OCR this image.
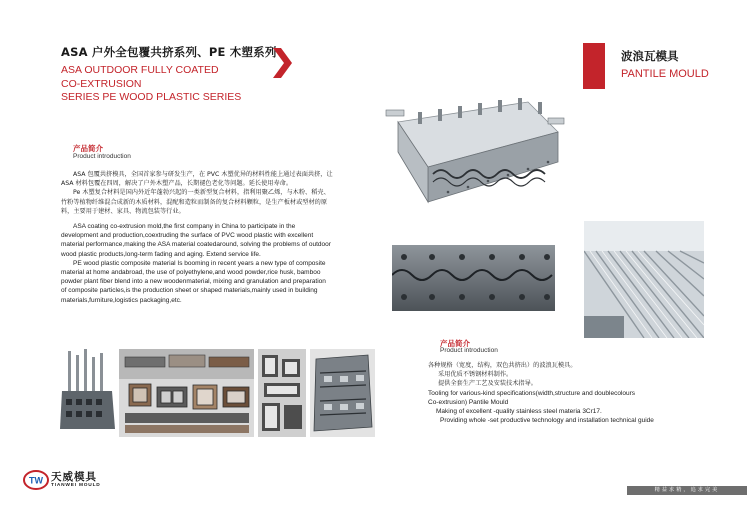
ASA 户外全包覆共挤系列、PE 木塑系列
ASA OUTDOOR FULLY COATED
CO-EXTRUSION
SERIES PE WOOD PLASTIC SERIES
波浪瓦模具
PANTILE MOULD
产品简介
Product introduction

ASA 包覆共挤模具，全国首家参与研发生产，在 PVC 木塑优异的材料性能上通过表面共挤，让 ASA 材料包覆在四周，解决了户外木塑产品，长期褪色老化等问题。延长使用寿命。

Pe 木塑复合材料是国内外近年蓬勃兴起的一类新型复合材料，指利用聚乙烯，与木粉、稻壳、竹粉等植物纤维混合成新的木质材料，混配和造粒而制备的复合材料颗粒，是生产板材或型材的原料，主要用于建材、家具、物流包装等行业。

ASA coating co-extrusion mold,the first company in China to participate in the development and production,coextruding the surface of PVC wood plastic with excellent material performance,making the ASA material coatedaround, solving the problems of outdoor wood plastic products,long-term fading and aging. Extend service life.

PE wood plastic composite material Is booming in recent years a new type of composite material at home andabroad, the use of polyethylene,and wood powder,rice husk, bamboo powder plant fiber blend into a new woodenmaterial, mixing and granulation and preparation of composite particles,is the production sheet or shaped materials,mainly used in building materials,furniture,logistics packaging,etc.

产品简介
Product introduction
各种规格（宽度，结构，双色共挤出）的波浪瓦模具。
采用优质不锈钢材料制作。
提供全套生产工艺及安装技术指导。
Tooling for various-kind specifications(width,structure and doublecolours
Co-extrusion) Pantile Mould
Making of excellent -quality stainless steel materia 3Cr17.
Providing whole -set productive technology and installation technical guide
TW 天威模具
TIANWEI MOULD
精益求精，追求完美
